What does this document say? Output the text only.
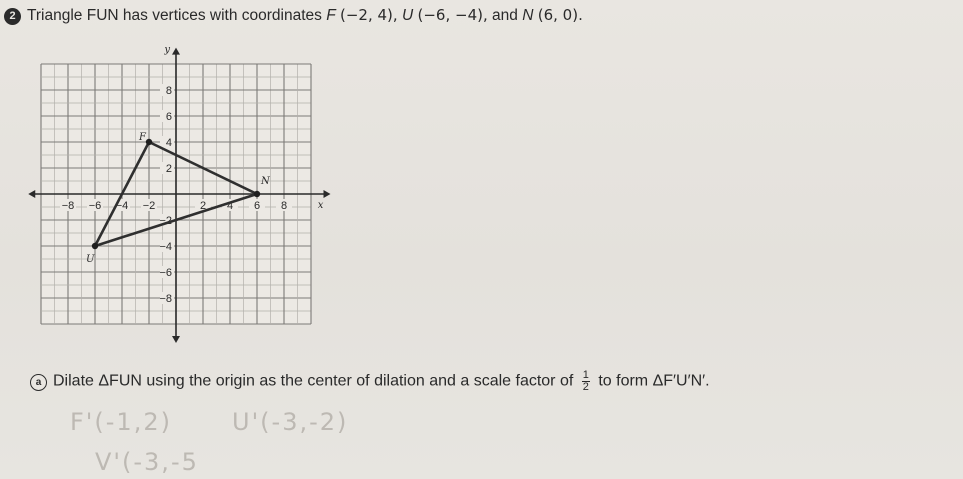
2 Triangle FUN has vertices with coordinates F (−2, 4), U (−6, −4), and N (6, 0).
y
x
−8 −6 −4 −2	2 4 6 8
8
6
4
2
−2
−4
−6
−8
F
U
N
a Dilate ΔFUN using the origin as the center of dilation and a scale factor of $\frac{1}{2}$ to form ΔF′U′N′.
F'(-1,2)	U'(-3,-2)
V'(-3,-5
